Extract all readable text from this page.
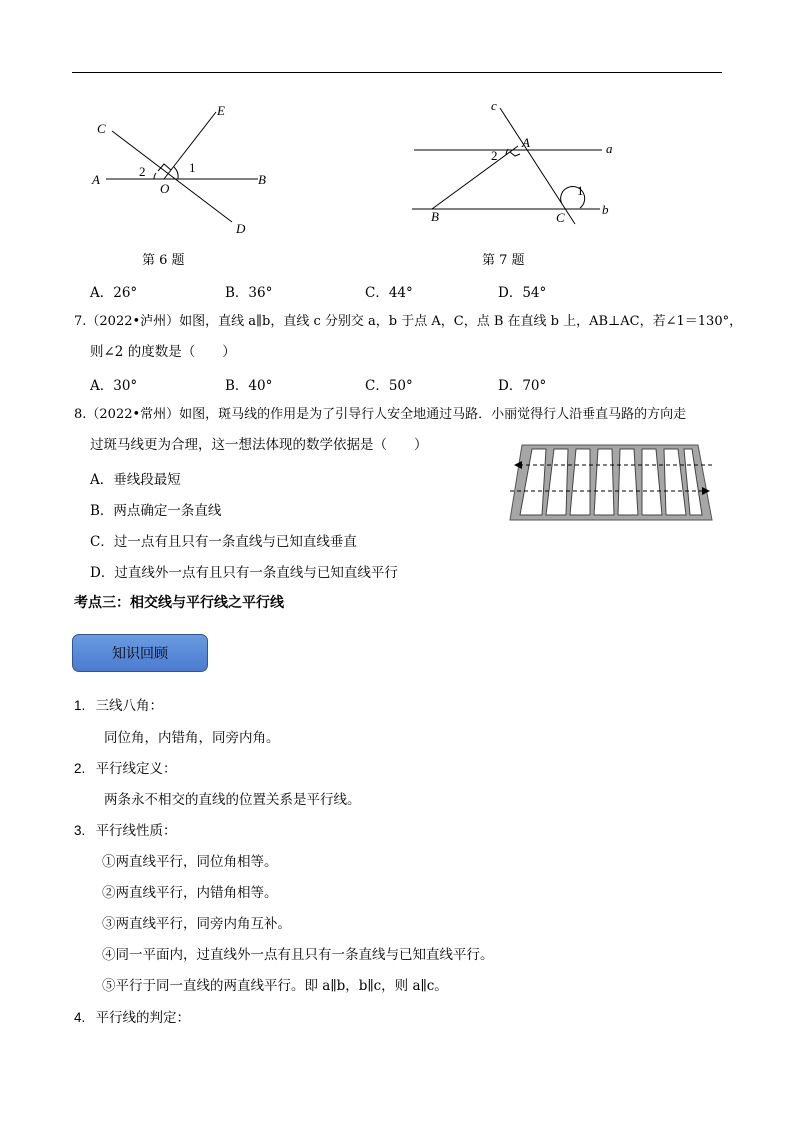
A	B
C
D
E
O
1
2
第 6 题
A
B	C
a
b
c
1
2
第 7 题
A．26°	B．36°	C．44°	D．54°
7.（2022•泸州）如图，直线 a∥b，直线 c 分别交 a，b 于点 A，C，点 B 在直线 b 上，AB⊥AC，若∠1＝130°，
则∠2 的度数是（　　）
A．30°	B．40°	C．50°	D．70°
8.（2022•常州）如图，斑马线的作用是为了引导行人安全地通过马路．小丽觉得行人沿垂直马路的方向走
过斑马线更为合理，这一想法体现的数学依据是（　　）
A．垂线段最短
B．两点确定一条直线
C．过一点有且只有一条直线与已知直线垂直
D．过直线外一点有且只有一条直线与已知直线平行
考点三：相交线与平行线之平行线
知识回顾
1. 三线八角：
同位角，内错角，同旁内角。
2. 平行线定义：
两条永不相交的直线的位置关系是平行线。
3. 平行线性质：
①两直线平行，同位角相等。
②两直线平行，内错角相等。
③两直线平行，同旁内角互补。
④同一平面内，过直线外一点有且只有一条直线与已知直线平行。
⑤平行于同一直线的两直线平行。即 a∥b，b∥c，则 a∥c。
4. 平行线的判定：
